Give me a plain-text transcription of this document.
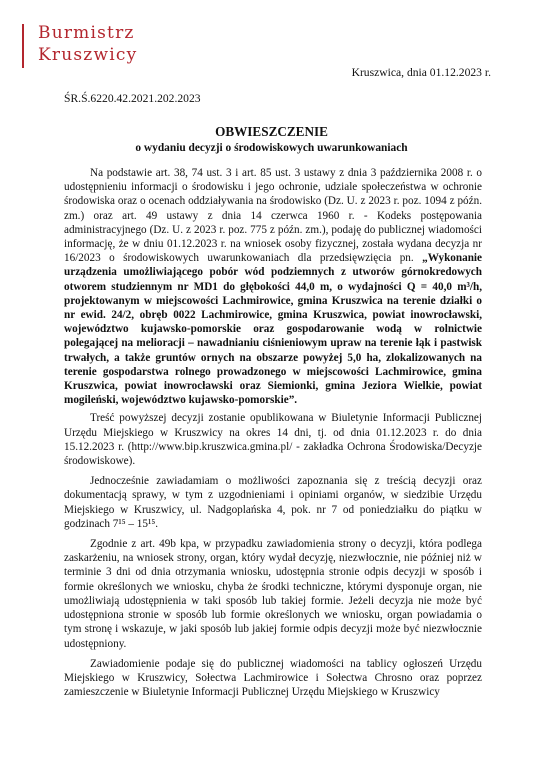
Burmistrz
Kruszwicy
Kruszwica, dnia 01.12.2023 r.
ŚR.Ś.6220.42.2021.202.2023
OBWIESZCZENIE
o wydaniu decyzji o środowiskowych uwarunkowaniach

Na podstawie art. 38, 74 ust. 3 i art. 85 ust. 3 ustawy z dnia 3 października 2008 r. o udostępnieniu informacji o środowisku i jego ochronie, udziale społeczeństwa w ochronie środowiska oraz o ocenach oddziaływania na środowisko (Dz. U. z 2023 r. poz. 1094 z późn. zm.) oraz art. 49 ustawy z dnia 14 czerwca 1960 r. - Kodeks postępowania administracyjnego (Dz. U. z 2023 r. poz. 775 z późn. zm.), podaję do publicznej wiadomości informację, że w dniu 01.12.2023 r. na wniosek osoby fizycznej, została wydana decyzja nr 16/2023 o środowiskowych uwarunkowaniach dla przedsięwzięcia pn. „Wykonanie urządzenia umożliwiającego pobór wód podziemnych z utworów górnokredowych otworem studziennym nr MD1 do głębokości 44,0 m, o wydajności Q = 40,0 m³/h, projektowanym w miejscowości Lachmirowice, gmina Kruszwica na terenie działki o nr ewid. 24/2, obręb 0022 Lachmirowice, gmina Kruszwica, powiat inowrocławski, województwo kujawsko-pomorskie oraz gospodarowanie wodą w rolnictwie polegającej na melioracji – nawadnianiu ciśnieniowym upraw na terenie łąk i pastwisk trwałych, a także gruntów ornych na obszarze powyżej 5,0 ha, zlokalizowanych na terenie gospodarstwa rolnego prowadzonego w miejscowości Lachmirowice, gmina Kruszwica, powiat inowrocławski oraz Siemionki, gmina Jeziora Wielkie, powiat mogileński, województwo kujawsko-pomorskie”.

Treść powyższej decyzji zostanie opublikowana w Biuletynie Informacji Publicznej Urzędu Miejskiego w Kruszwicy na okres 14 dni, tj. od dnia 01.12.2023 r. do dnia 15.12.2023 r. (http://www.bip.kruszwica.gmina.pl/ - zakładka Ochrona Środowiska/Decyzje środowiskowe).

Jednocześnie zawiadamiam o możliwości zapoznania się z treścią decyzji oraz dokumentacją sprawy, w tym z uzgodnieniami i opiniami organów, w siedzibie Urzędu Miejskiego w Kruszwicy, ul. Nadgoplańska 4, pok. nr 7 od poniedziałku do piątku w godzinach 7¹⁵ – 15¹⁵.

Zgodnie z art. 49b kpa, w przypadku zawiadomienia strony o decyzji, która podlega zaskarżeniu, na wniosek strony, organ, który wydał decyzję, niezwłocznie, nie później niż w terminie 3 dni od dnia otrzymania wniosku, udostępnia stronie odpis decyzji w sposób i formie określonych we wniosku, chyba że środki techniczne, którymi dysponuje organ, nie umożliwiają udostępnienia w taki sposób lub takiej formie. Jeżeli decyzja nie może być udostępniona stronie w sposób lub formie określonych we wniosku, organ powiadamia o tym stronę i wskazuje, w jaki sposób lub jakiej formie odpis decyzji może być niezwłocznie udostępniony.

Zawiadomienie podaje się do publicznej wiadomości na tablicy ogłoszeń Urzędu Miejskiego w Kruszwicy, Sołectwa Lachmirowice i Sołectwa Chrosno oraz poprzez zamieszczenie w Biuletynie Informacji Publicznej Urzędu Miejskiego w Kruszwicy
